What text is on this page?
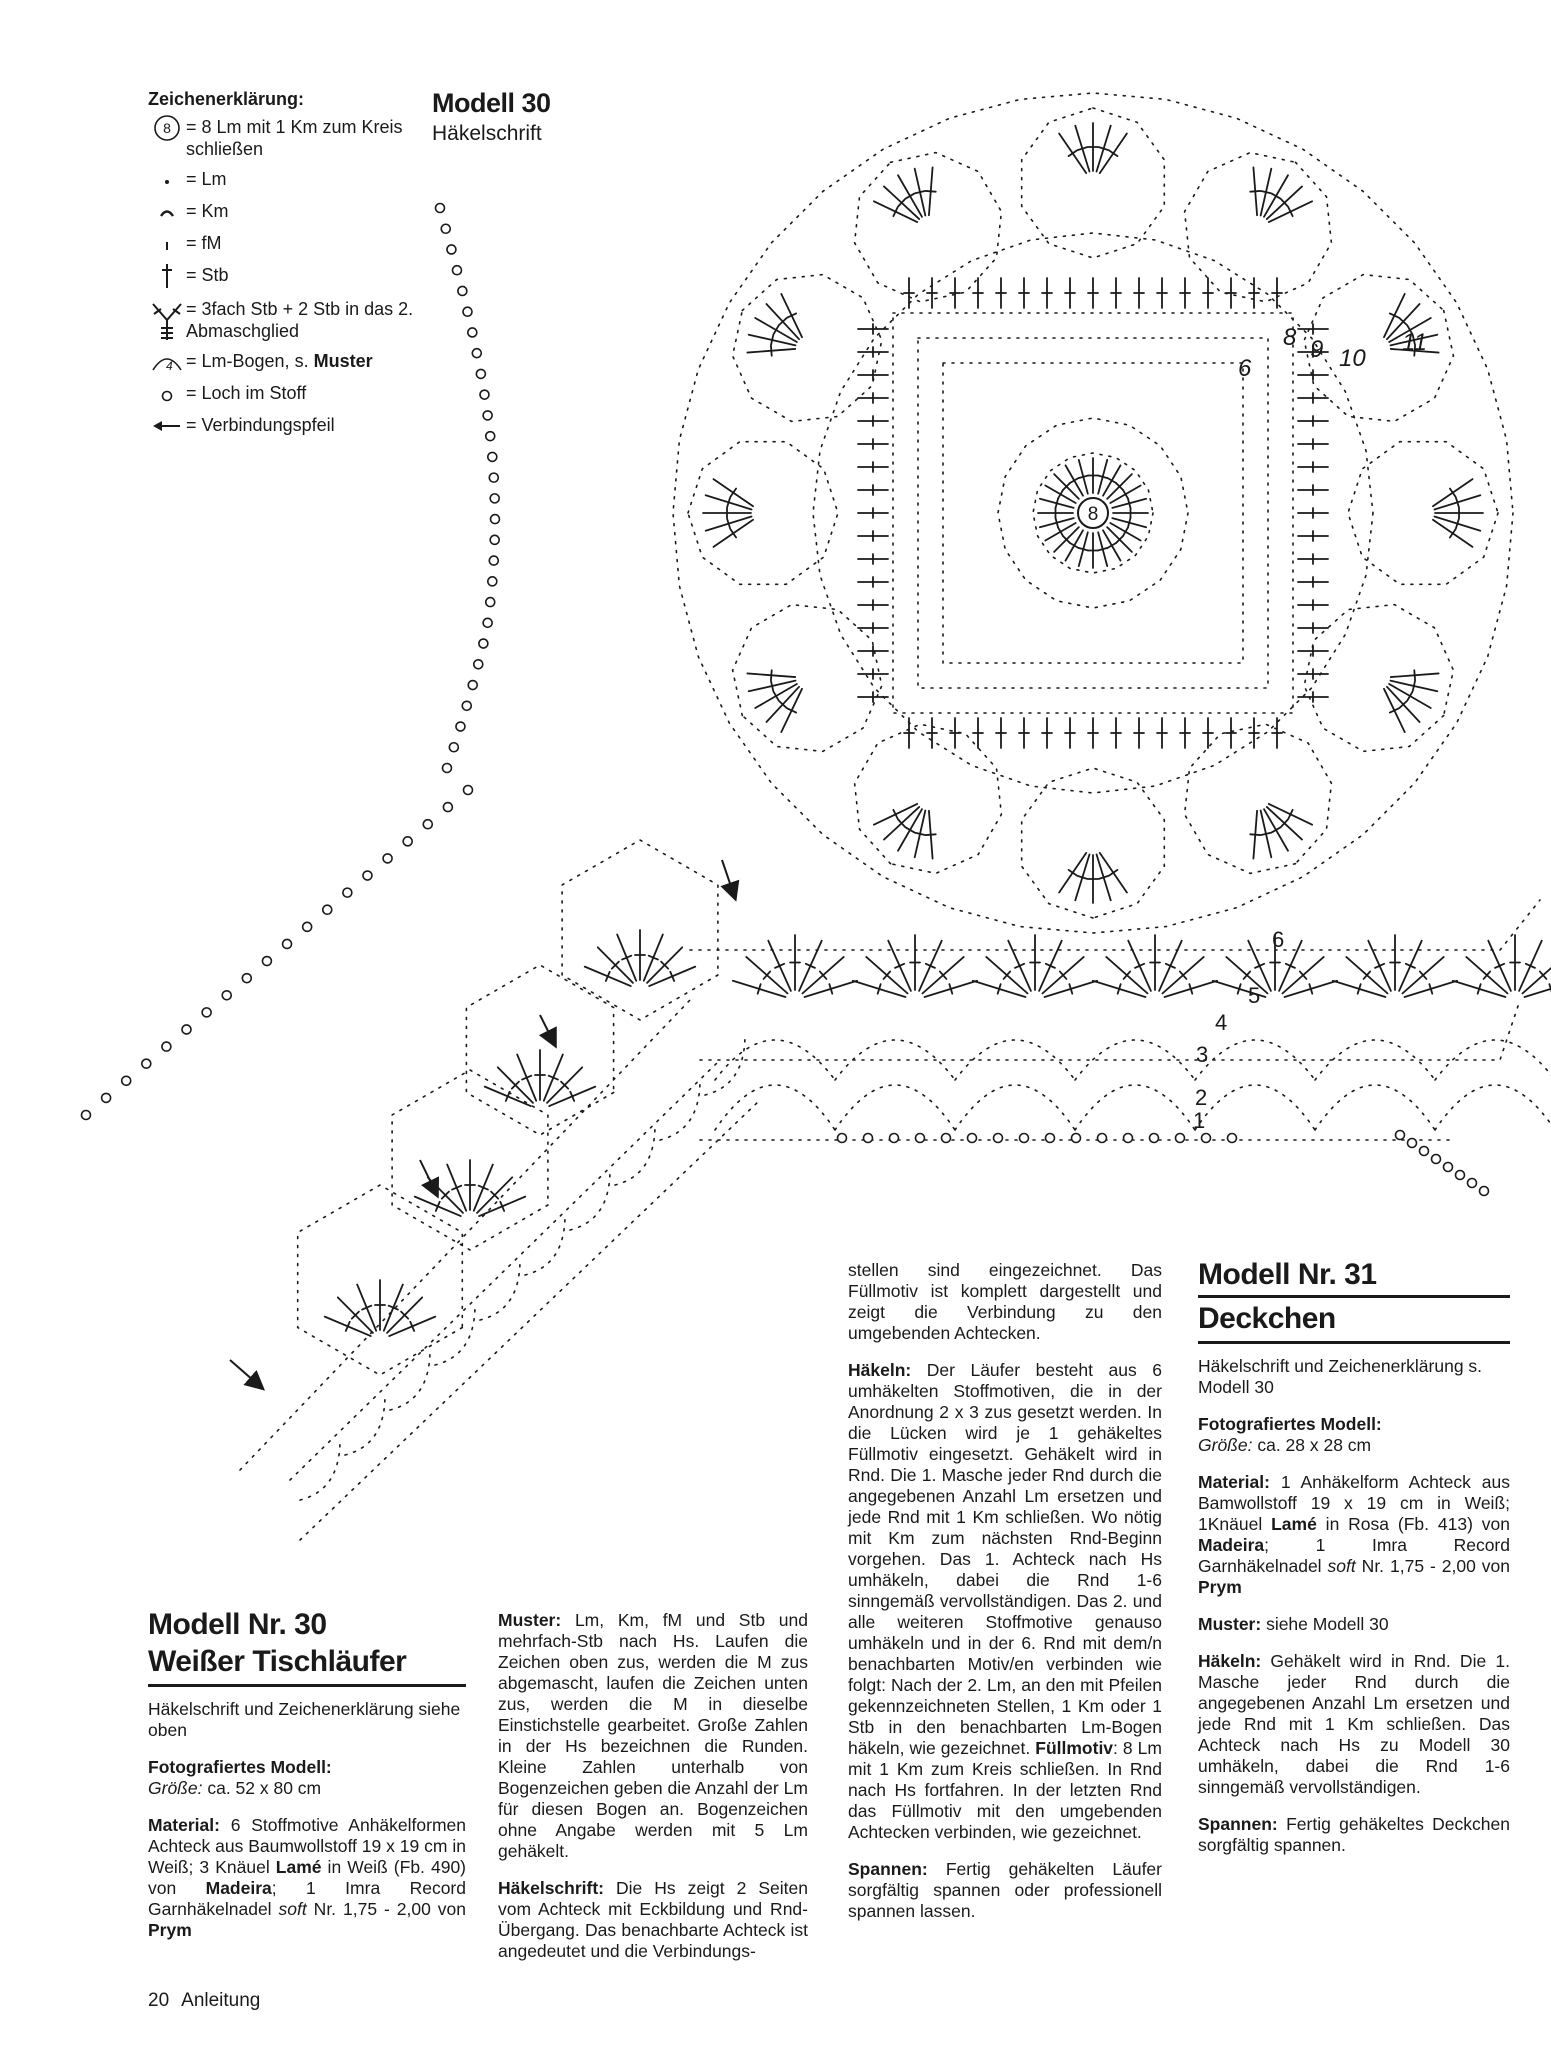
Zeichenerklärung:
8 = 8 Lm mit 1 Km zum Kreis schließen
= Lm
= Km
= fM
= Stb
= 3fach Stb + 2 Stb in das 2. Abmaschglied
4 = Lm-Bogen, s. Muster
= Loch im Stoff
= Verbindungspfeil
Modell 30
Häkelschrift
8
6
8 9 10
11
1
2
3
4
5
6
Modell Nr. 30
Weißer Tischläufer

Häkelschrift und Zeichenerklärung siehe oben

Fotografiertes Modell:
Größe: ca. 52 x 80 cm

Material: 6 Stoffmotive Anhäkelformen Achteck aus Baumwollstoff 19 x 19 cm in Weiß; 3 Knäuel Lamé in Weiß (Fb. 490) von Madeira; 1 Imra Record Garnhäkelnadel soft Nr. 1,75 - 2,00 von Prym

Muster: Lm, Km, fM und Stb und mehrfach-Stb nach Hs. Laufen die Zeichen oben zus, werden die M zus abgemascht, laufen die Zeichen unten zus, werden die M in dieselbe Einstichstelle gearbeitet. Große Zahlen in der Hs bezeichnen die Runden. Kleine Zahlen unterhalb von Bogenzeichen geben die Anzahl der Lm für diesen Bogen an. Bogenzeichen ohne Angabe werden mit 5 Lm gehäkelt.

Häkelschrift: Die Hs zeigt 2 Seiten vom Achteck mit Eckbildung und Rnd-Übergang. Das benachbarte Achteck ist angedeutet und die Verbindungs-

stellen sind eingezeichnet. Das Füllmotiv ist komplett dargestellt und zeigt die Verbindung zu den umgebenden Achtecken.

Häkeln: Der Läufer besteht aus 6 umhäkelten Stoffmotiven, die in der Anordnung 2 x 3 zus gesetzt werden. In die Lücken wird je 1 gehäkeltes Füllmotiv eingesetzt. Gehäkelt wird in Rnd. Die 1. Masche jeder Rnd durch die angegebenen Anzahl Lm ersetzen und jede Rnd mit 1 Km schließen. Wo nötig mit Km zum nächsten Rnd-Beginn vorgehen. Das 1. Achteck nach Hs umhäkeln, dabei die Rnd 1-6 sinngemäß vervollständigen. Das 2. und alle weiteren Stoffmotive genauso umhäkeln und in der 6. Rnd mit dem/n benachbarten Motiv/en verbinden wie folgt: Nach der 2. Lm, an den mit Pfeilen gekennzeichneten Stellen, 1 Km oder 1 Stb in den benachbarten Lm-Bogen häkeln, wie gezeichnet. Füllmotiv: 8 Lm mit 1 Km zum Kreis schließen. In Rnd nach Hs fortfahren. In der letzten Rnd das Füllmotiv mit den umgebenden Achtecken verbinden, wie gezeichnet.

Spannen: Fertig gehäkelten Läufer sorgfältig spannen oder professionell spannen lassen.

Modell Nr. 31
Deckchen

Häkelschrift und Zeichenerklärung s. Modell 30

Fotografiertes Modell:
Größe: ca. 28 x 28 cm

Material: 1 Anhäkelform Achteck aus Bamwollstoff 19 x 19 cm in Weiß; 1Knäuel Lamé in Rosa (Fb. 413) von Madeira; 1 Imra Record Garnhäkelnadel soft Nr. 1,75 - 2,00 von Prym

Muster: siehe Modell 30

Häkeln: Gehäkelt wird in Rnd. Die 1. Masche jeder Rnd durch die angegebenen Anzahl Lm ersetzen und jede Rnd mit 1 Km schließen. Das Achteck nach Hs zu Modell 30 umhäkeln, dabei die Rnd 1-6 sinngemäß vervollständigen.

Spannen: Fertig gehäkeltes Deckchen sorgfältig spannen.

20 Anleitung
